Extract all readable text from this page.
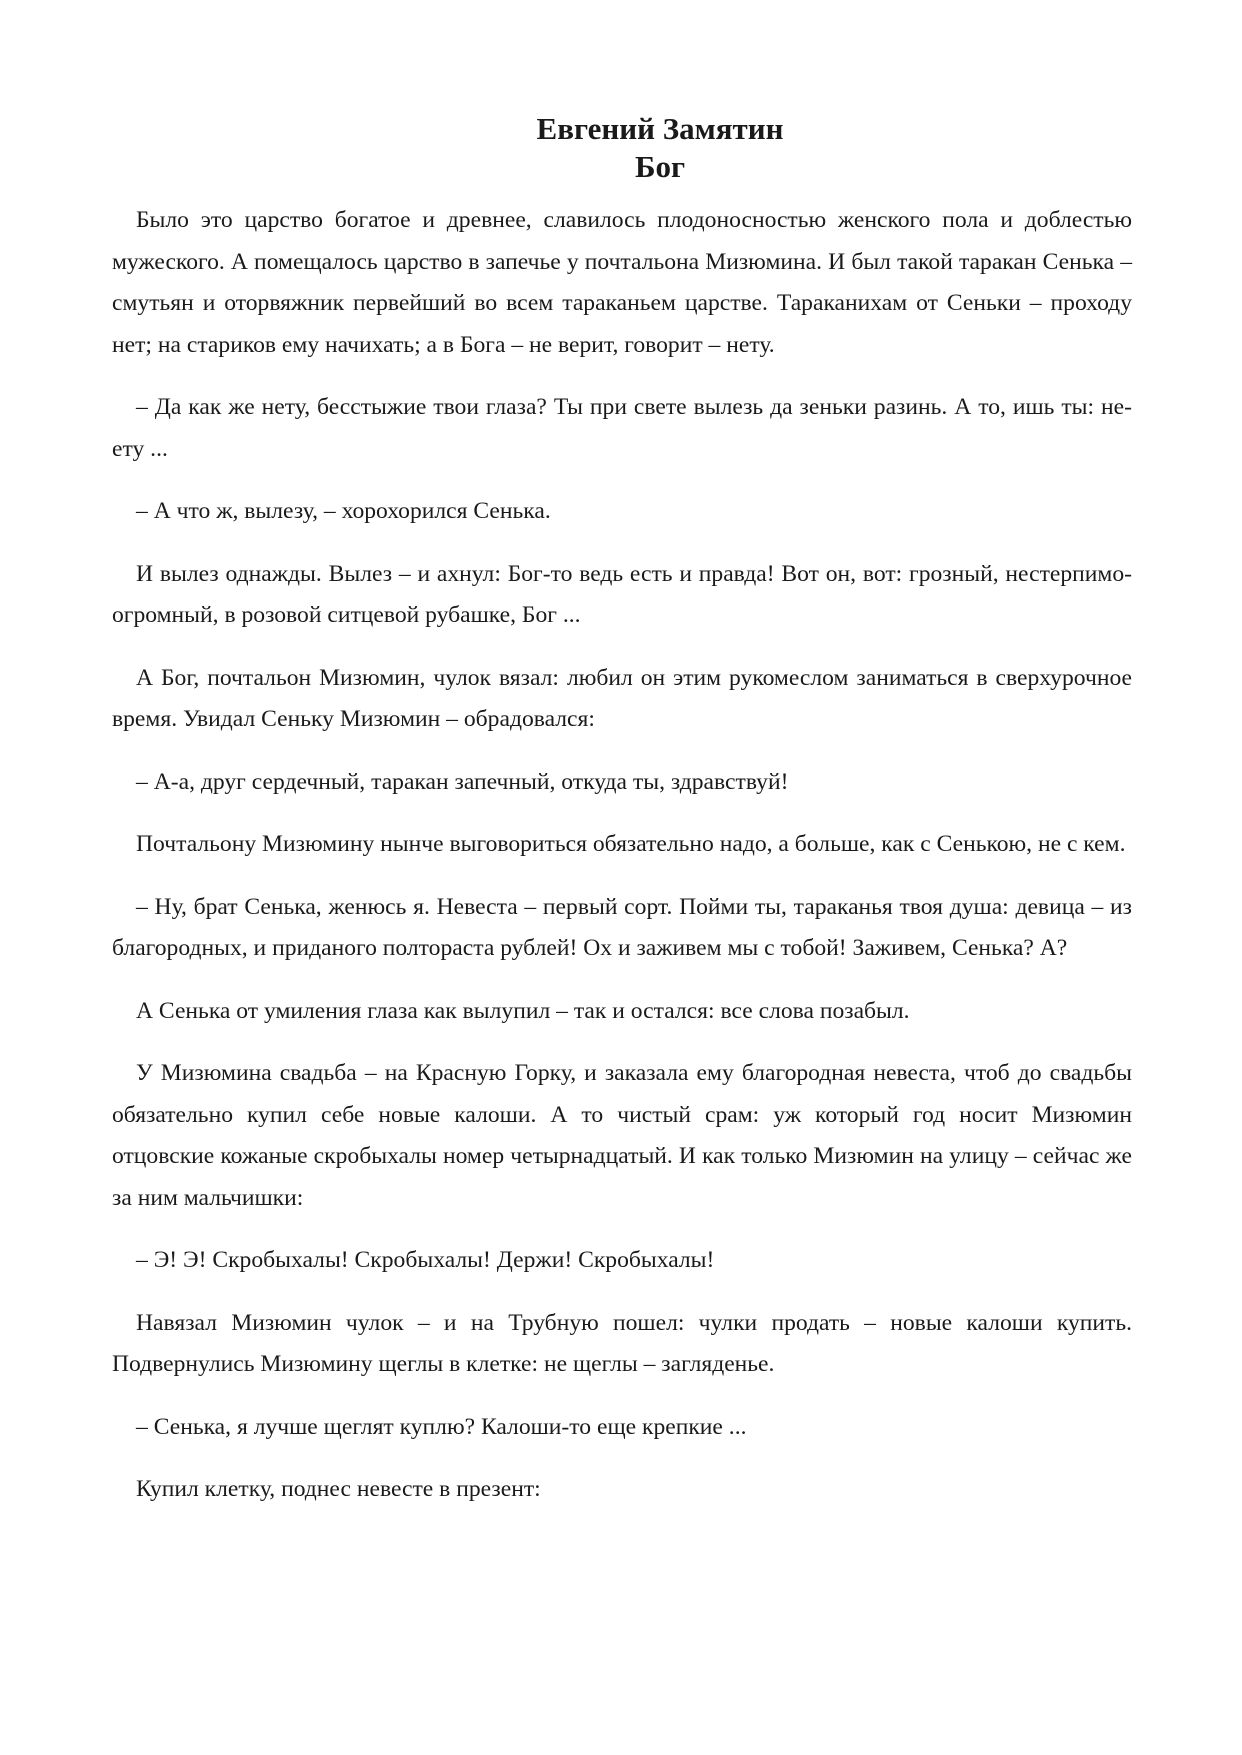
Евгений Замятин
Бог

Было это царство богатое и древнее, славилось плодоносностью женского пола и доблестью мужеского. А помещалось царство в запечье у почтальона Мизюмина. И был такой таракан Сенька – смутьян и оторвяжник первейший во всем тараканьем царстве. Тараканихам от Сеньки – проходу нет; на стариков ему начихать; а в Бога – не верит, говорит – нету.

– Да как же нету, бесстыжие твои глаза? Ты при свете вылезь да зеньки разинь. А то, ишь ты: не-ету ...

– А что ж, вылезу, – хорохорился Сенька.

И вылез однажды. Вылез – и ахнул: Бог-то ведь есть и правда! Вот он, вот: грозный, нестерпимо-огромный, в розовой ситцевой рубашке, Бог ...

А Бог, почтальон Мизюмин, чулок вязал: любил он этим рукомеслом заниматься в сверхурочное время. Увидал Сеньку Мизюмин – обрадовался:

– А-а, друг сердечный, таракан запечный, откуда ты, здравствуй!

Почтальону Мизюмину нынче выговориться обязательно надо, а больше, как с Сенькою, не с кем.

– Ну, брат Сенька, женюсь я. Невеста – первый сорт. Пойми ты, тараканья твоя душа: девица – из благородных, и приданого полтораста рублей! Ох и заживем мы с тобой! Заживем, Сенька? А?

А Сенька от умиления глаза как вылупил – так и остался: все слова позабыл.

У Мизюмина свадьба – на Красную Горку, и заказала ему благородная невеста, чтоб до свадьбы обязательно купил себе новые калоши. А то чистый срам: уж который год носит Мизюмин отцовские кожаные скробыхалы номер четырнадцатый. И как только Мизюмин на улицу – сейчас же за ним мальчишки:

– Э! Э! Скробыхалы! Скробыхалы! Держи! Скробыхалы!

Навязал Мизюмин чулок – и на Трубную пошел: чулки продать – новые калоши купить. Подвернулись Мизюмину щеглы в клетке: не щеглы – загляденье.

– Сенька, я лучше щеглят куплю? Калоши-то еще крепкие ...

Купил клетку, поднес невесте в презент:
